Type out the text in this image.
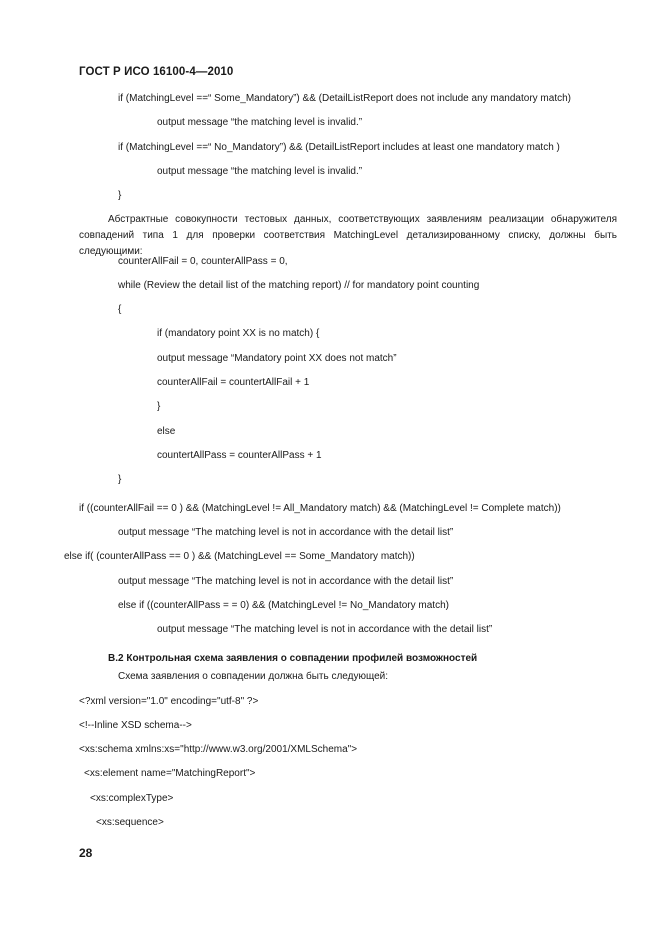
ГОСТ Р ИСО 16100-4—2010
if (MatchingLevel ==“ Some_Mandatory”) && (DetailListReport does not include any mandatory match)
output message “the matching level is invalid.”
if (MatchingLevel ==“ No_Mandatory”) && (DetailListReport includes at least one mandatory match )
output message “the matching level is invalid.”
}
Абстрактные совокупности тестовых данных, соответствующих заявлениям реализации обнаружителя совпадений типа 1 для проверки соответствия MatchingLevel детализированному списку, должны быть следующими:
counterAllFail = 0, counterAllPass = 0,
while (Review the detail list of the matching report) // for mandatory point counting
{
if (mandatory point XX is no match) {
output message “Mandatory point XX does not match”
counterAllFail = countertAllFail + 1
}
else
countertAllPass = counterAllPass + 1
}
if ((counterAllFail == 0 ) && (MatchingLevel != All_Mandatory match) && (MatchingLevel != Complete match))
output message “The matching level is not in accordance with the detail list”
else if( (counterAllPass == 0 ) && (MatchingLevel == Some_Mandatory match))
output message “The matching level is not in accordance with the detail list”
else if ((counterAllPass = = 0) && (MatchingLevel != No_Mandatory match)
output message “The matching level is not in accordance with the detail list”
В.2 Контрольная схема заявления о совпадении профилей возможностей
Схема заявления о совпадении должна быть следующей:
<?xml version="1.0" encoding="utf-8" ?>
<!--Inline XSD schema-->
<xs:schema xmlns:xs="http://www.w3.org/2001/XMLSchema">
<xs:element name="MatchingReport">
<xs:complexType>
<xs:sequence>
28
